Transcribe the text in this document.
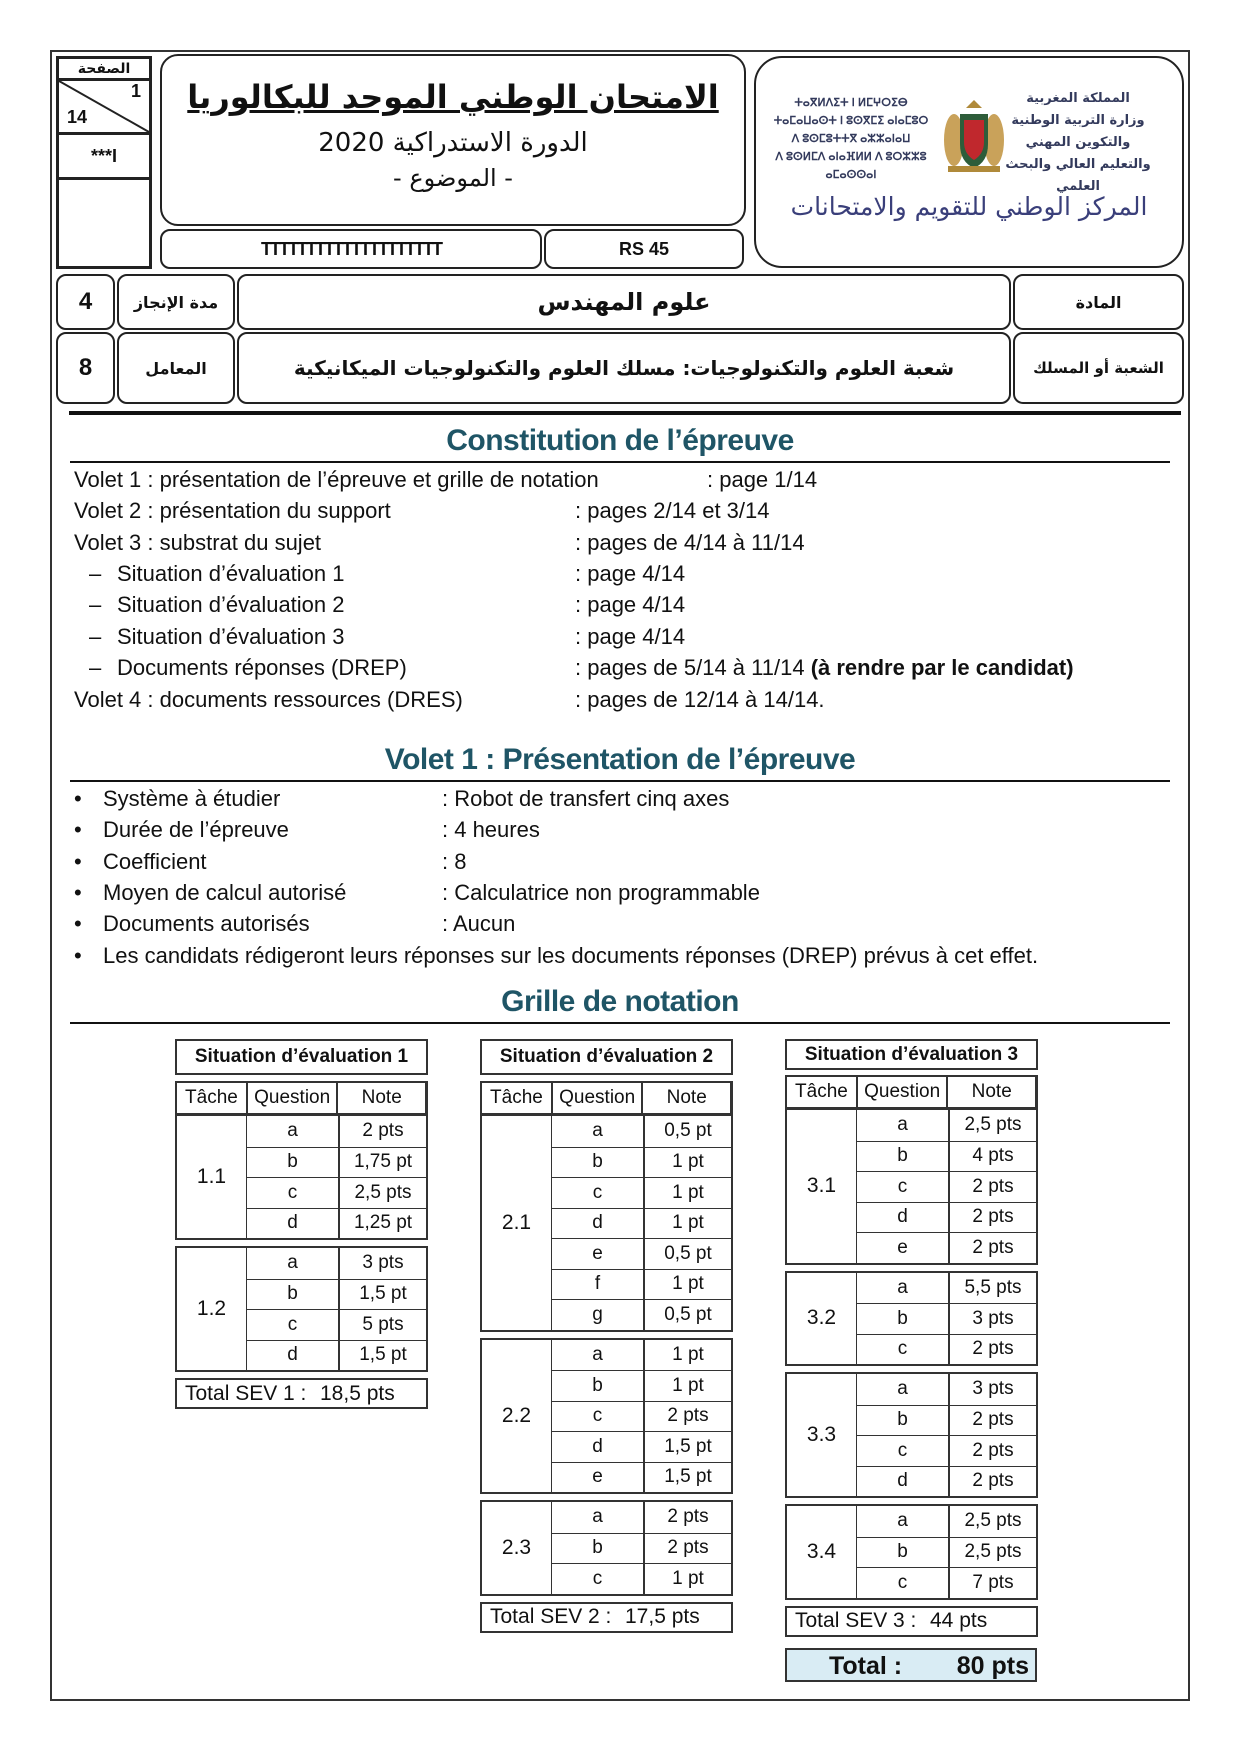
الصفحة
1
14
***I
الامتحان الوطني الموحد للبكالوريا
الدورة الاستدراكية 2020
- الموضوع -
TTTTTTTTTTTTTTTTTTTT	RS 45
ⵜⴰⴳⵍⴷⵉⵜ ⵏ ⵍⵎⵖⵔⵉⴱ
ⵜⴰⵎⴰⵡⴰⵙⵜ ⵏ ⵓⵙⴳⵎⵉ ⴰⵏⴰⵎⵓⵔ
ⴷ ⵓⵙⵎⵓⵜⵜⴳ ⴰⵣⵣⴰⵏⴰⵡ
ⴷ ⵓⵙⵍⵎⴷ ⴰⵏⴰⴼⵍⵍ ⴷ ⵓⵔⵣⵣⵓ ⴰⵎⴰⵙⵙⴰⵏ
المملكة المغربية
وزارة التربية الوطنية
والتكوين المهني
والتعليم العالي والبحث العلمي
المركز الوطني للتقويم والامتحانات
4	مدة الإنجاز	علوم المهندس	المادة
8	المعامل	شعبة العلوم والتكنولوجيات: مسلك العلوم والتكنولوجيات الميكانيكية	الشعبة أو المسلك
Constitution de l’épreuve
Volet 1 : présentation de l’épreuve et grille de notation	: page 1/14
Volet 2 : présentation du support	: pages 2/14 et 3/14
Volet 3 : substrat du sujet	: pages de 4/14 à 11/14
– Situation d’évaluation 1	: page 4/14
– Situation d’évaluation 2	: page 4/14
– Situation d’évaluation 3	: page 4/14
– Documents réponses (DREP)	: pages de 5/14 à 11/14 (à rendre par le candidat)
Volet 4 : documents ressources (DRES)	: pages de 12/14 à 14/14.
Volet 1 : Présentation de l’épreuve
• Système à étudier	: Robot de transfert cinq axes
• Durée de l’épreuve	: 4 heures
• Coefficient	: 8
• Moyen de calcul autorisé	: Calculatrice non programmable
• Documents autorisés	: Aucun
• Les candidats rédigeront leurs réponses sur les documents réponses (DREP) prévus à cet effet.
Grille de notation
Situation d’évaluation 1
Tâche Question	Note
1.1
a	2 pts
b	1,75 pt
c	2,5 pts
d	1,25 pt
1.2
a	3 pts
b	1,5 pt
c	5 pts
d	1,5 pt
Total SEV 1 : 18,5 pts
Situation d’évaluation 2
Tâche Question	Note
2.1
a	0,5 pt
b	1 pt
c	1 pt
d	1 pt
e	0,5 pt
f	1 pt
g	0,5 pt
2.2
a	1 pt
b	1 pt
c	2 pts
d	1,5 pt
e	1,5 pt
2.3
a	2 pts
b	2 pts
c	1 pt
Total SEV 2 : 17,5 pts
Situation d’évaluation 3
Tâche Question	Note
3.1
a	2,5 pts
b	4 pts
c	2 pts
d	2 pts
e	2 pts
3.2
a	5,5 pts
b	3 pts
c	2 pts
3.3
a	3 pts
b	2 pts
c	2 pts
d	2 pts
3.4
a	2,5 pts
b	2,5 pts
c	7 pts
Total SEV 3 : 44 pts
Total : 80 pts
